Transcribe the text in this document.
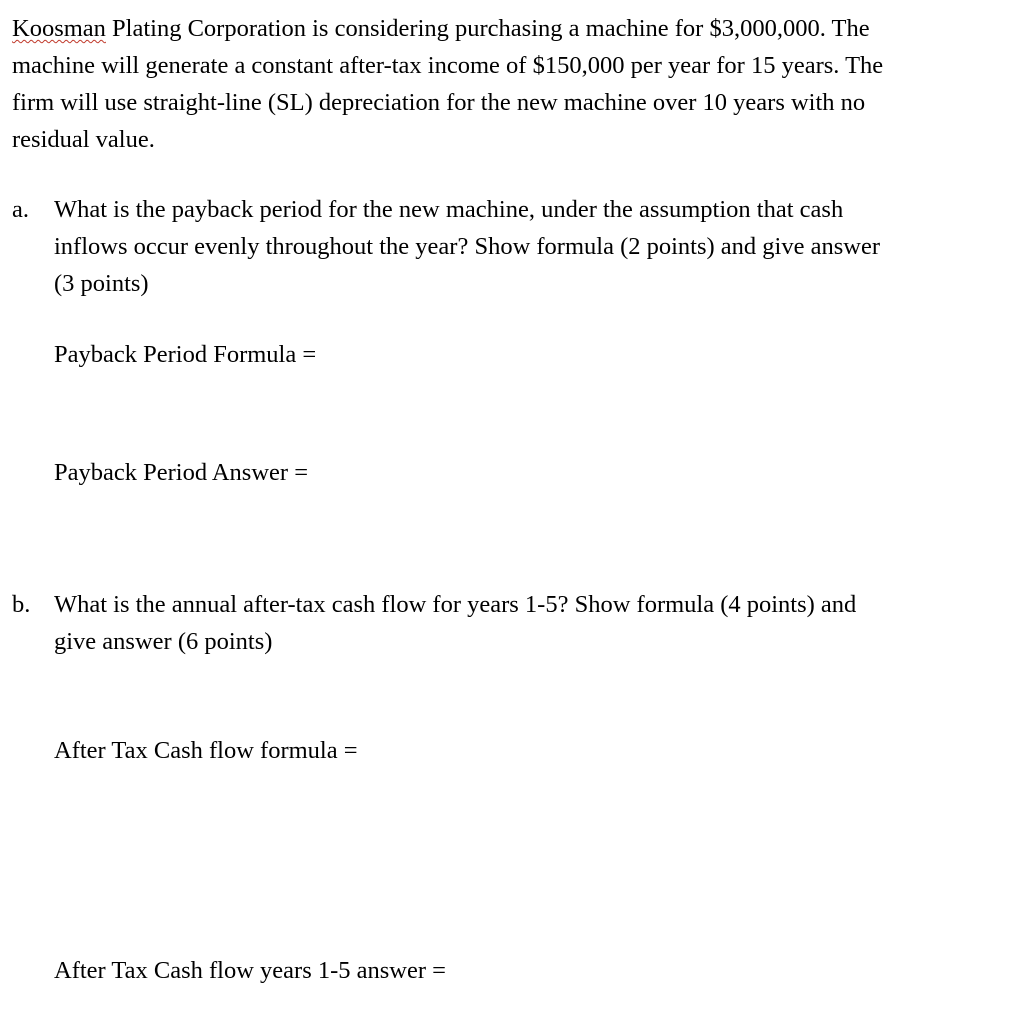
Koosman Plating Corporation is considering purchasing a machine for $3,000,000. The
machine will generate a constant after-tax income of $150,000 per year for 15 years. The
firm will use straight-line (SL) depreciation for the new machine over 10 years with no
residual value.

a. What is the payback period for the new machine, under the assumption that cash
inflows occur evenly throughout the year? Show formula (2 points) and give answer
(3 points)
Payback Period Formula =
Payback Period Answer =
b. What is the annual after-tax cash flow for years 1-5? Show formula (4 points) and
give answer (6 points)
After Tax Cash flow formula =
After Tax Cash flow years 1-5 answer =
